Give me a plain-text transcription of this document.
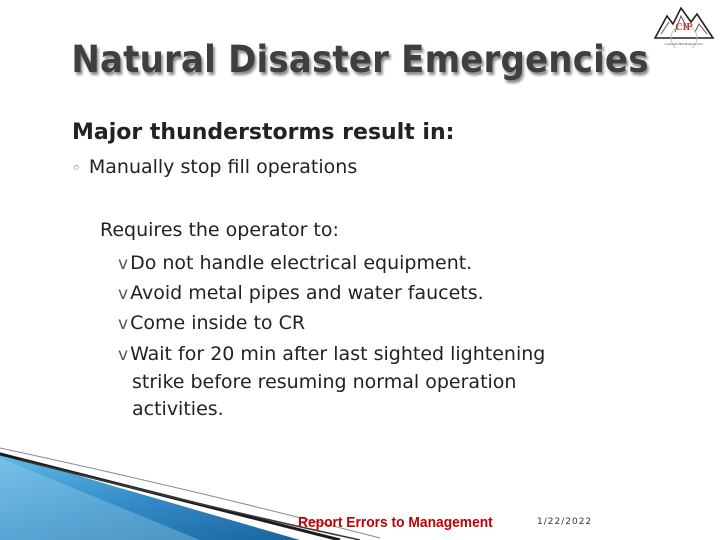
CIP
Colorado Hill Products LLC
Natural Disaster Emergencies
Major thunderstorms result in:
◦ Manually stop fill operations
Requires the operator to:
v Do not handle electrical equipment.
v Avoid metal pipes and water faucets.
v Come inside to CR
v Wait for 20 min after last sighted lightening
strike before resuming normal operation
activities.
Report Errors to Management	1/22/2022
